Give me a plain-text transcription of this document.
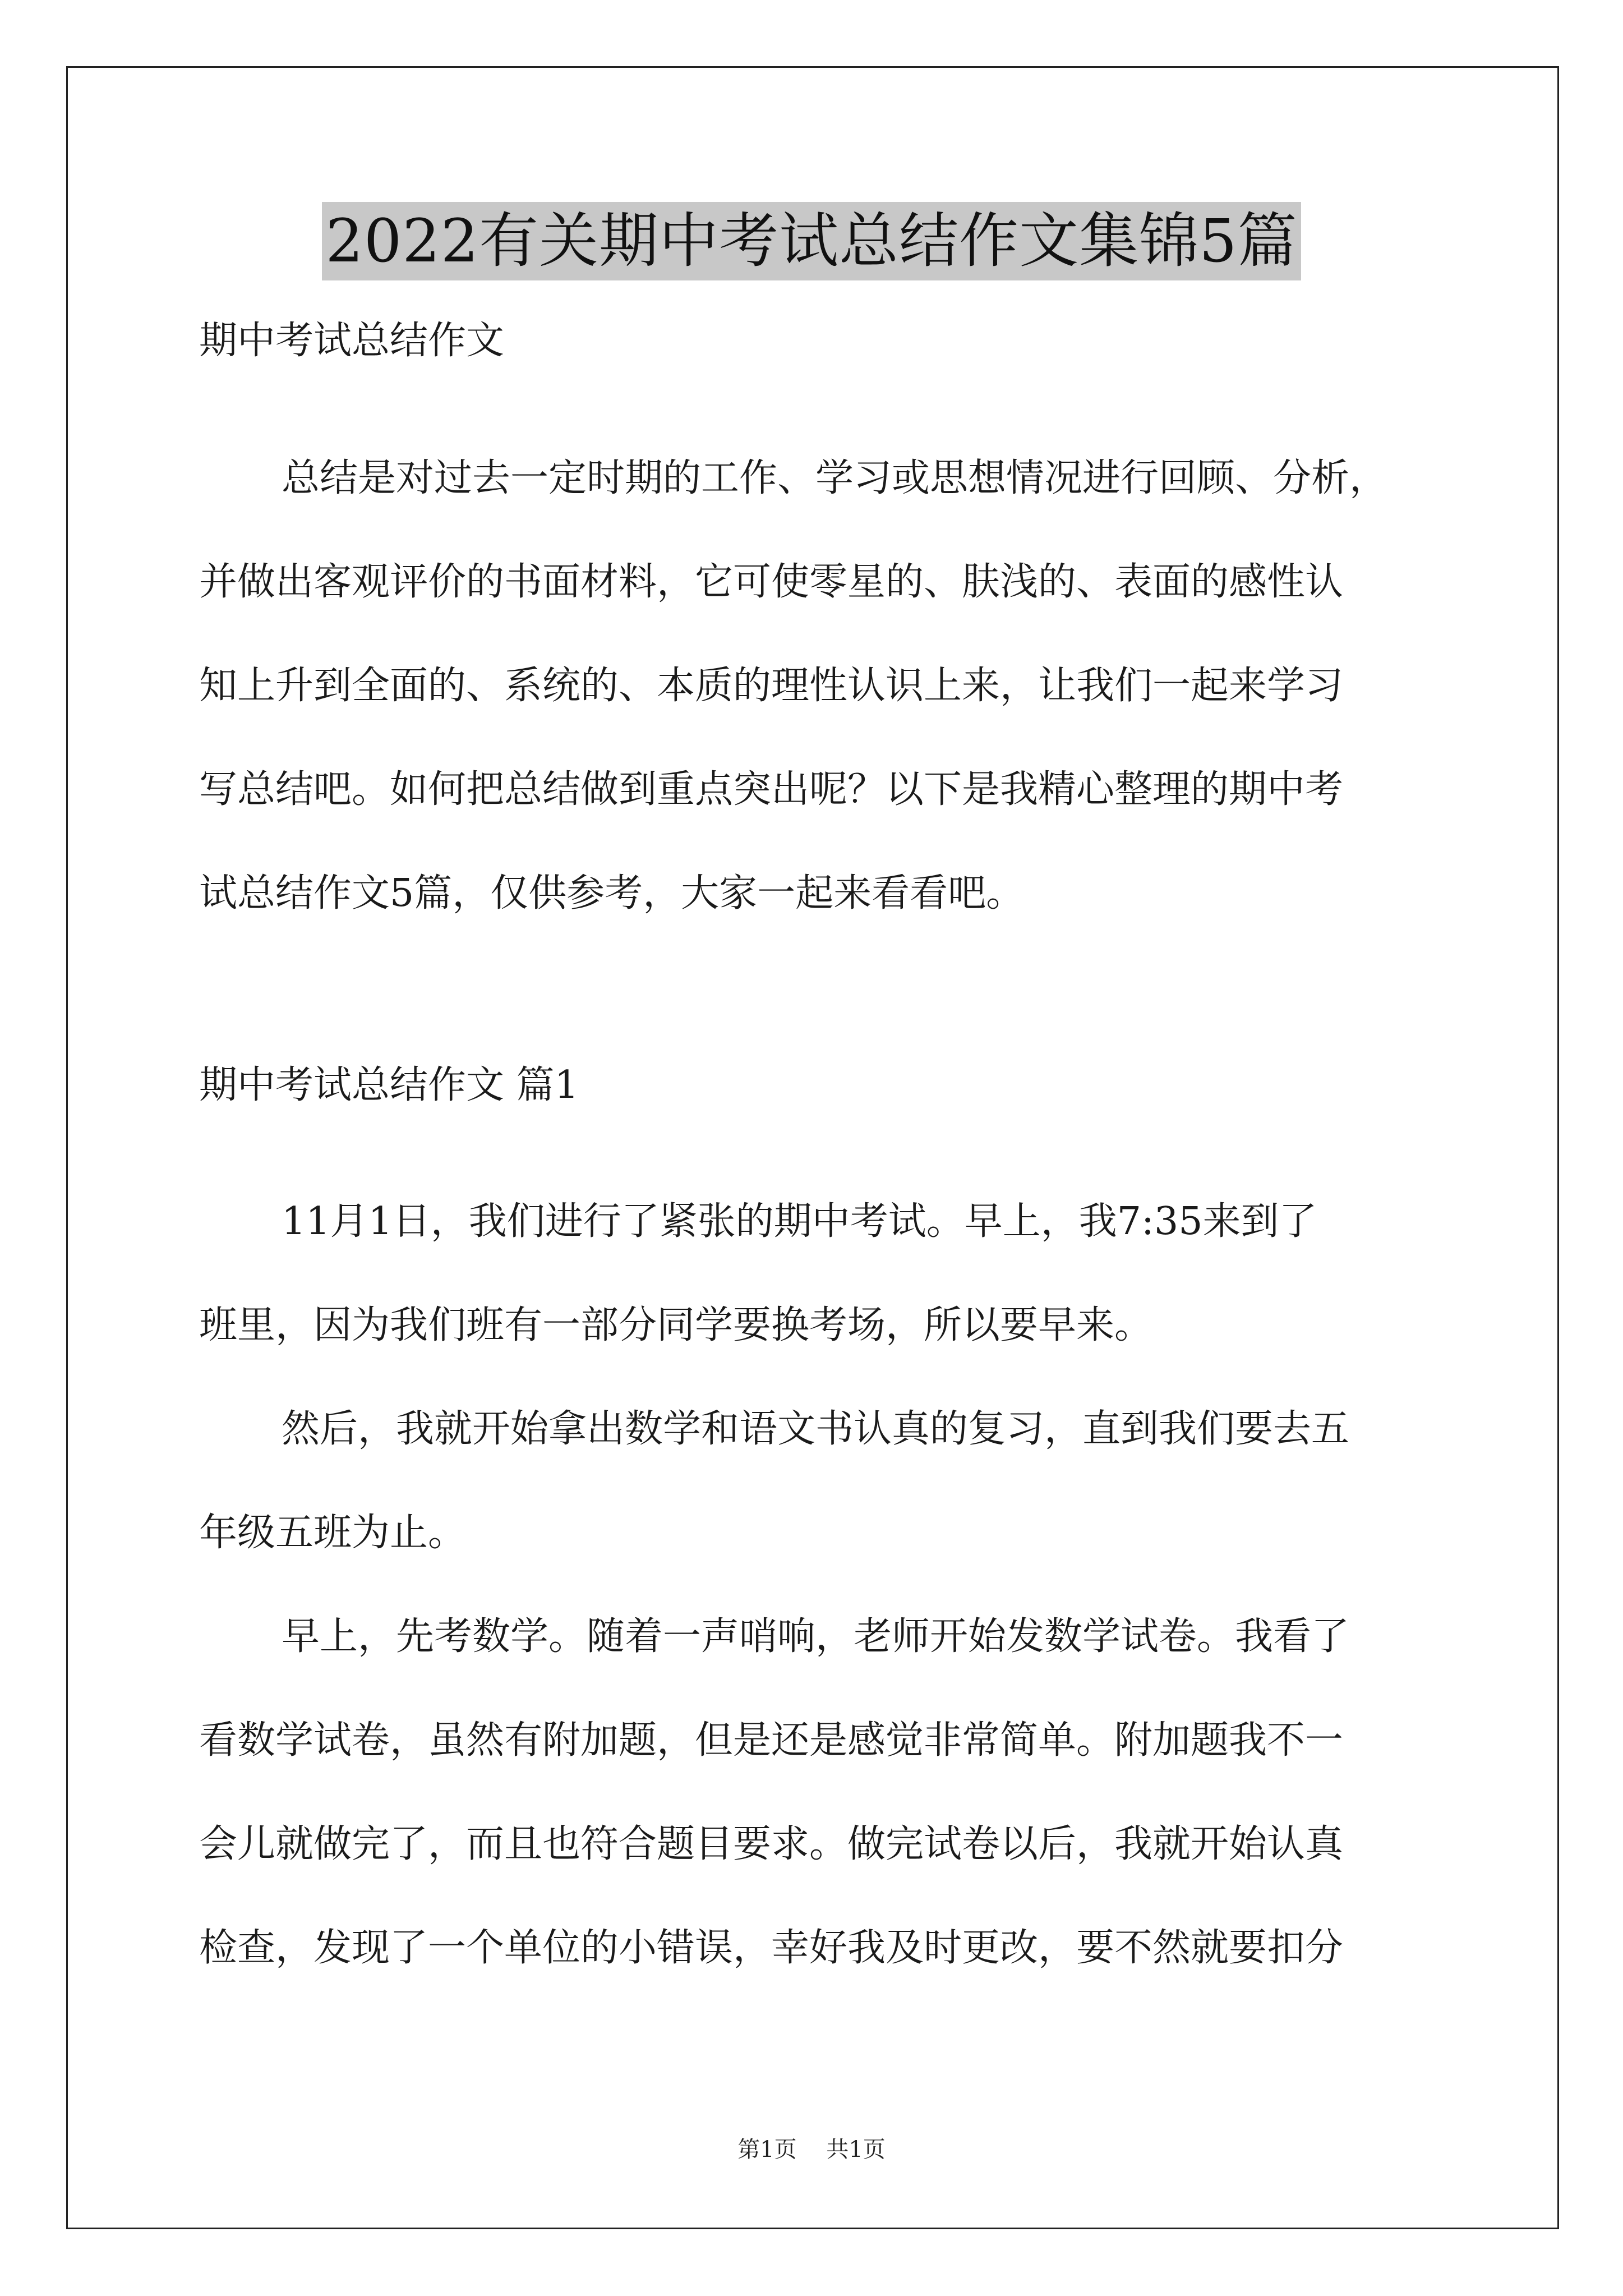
2022有关期中考试总结作文集锦5篇
期中考试总结作文
总结是对过去一定时期的工作、学习或思想情况进行回顾、分析，
并做出客观评价的书面材料，它可使零星的、肤浅的、表面的感性认
知上升到全面的、系统的、本质的理性认识上来，让我们一起来学习
写总结吧。如何把总结做到重点突出呢？以下是我精心整理的期中考
试总结作文5篇，仅供参考，大家一起来看看吧。
期中考试总结作文 篇1
11月1日，我们进行了紧张的期中考试。早上，我7:35来到了
班里，因为我们班有一部分同学要换考场，所以要早来。
然后，我就开始拿出数学和语文书认真的复习，直到我们要去五
年级五班为止。
早上，先考数学。随着一声哨响，老师开始发数学试卷。我看了
看数学试卷，虽然有附加题，但是还是感觉非常简单。附加题我不一
会儿就做完了，而且也符合题目要求。做完试卷以后，我就开始认真
检查，发现了一个单位的小错误，幸好我及时更改，要不然就要扣分
第1页 共1页
